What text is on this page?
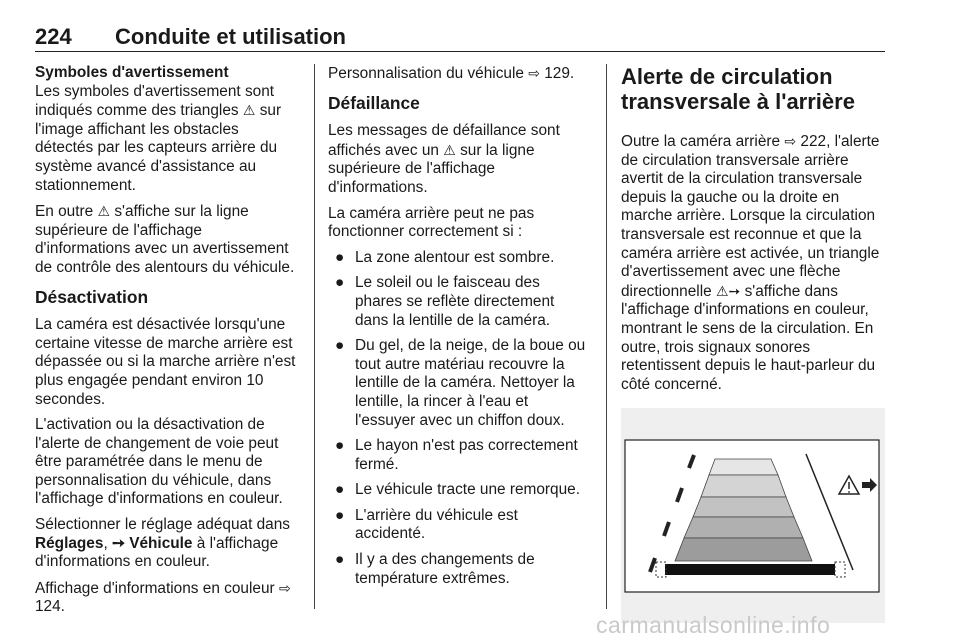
224 Conduite et utilisation
Symboles d'avertissement

Les symboles d'avertissement sont indiqués comme des triangles ⚠ sur l'image affichant les obstacles détectés par les capteurs arrière du système avancé d'assistance au stationnement.

En outre ⚠ s'affiche sur la ligne supérieure de l'affichage d'informations avec un avertissement de contrôle des alentours du véhicule.

Désactivation

La caméra est désactivée lorsqu'une certaine vitesse de marche arrière est dépassée ou si la marche arrière n'est plus engagée pendant environ 10 secondes.

L'activation ou la désactivation de l'alerte de changement de voie peut être paramétrée dans le menu de personnalisation du véhicule, dans l'affichage d'informations en couleur.

Sélectionner le réglage adéquat dans Réglages, ➙ Véhicule à l'affichage d'informations en couleur.

Affichage d'informations en couleur ⇨ 124.

Personnalisation du véhicule ⇨ 129.

Défaillance

Les messages de défaillance sont affichés avec un ⚠ sur la ligne supérieure de l'affichage d'informations.

La caméra arrière peut ne pas fonctionner correctement si :

● La zone alentour est sombre.
● Le soleil ou le faisceau des phares se reflète directement dans la lentille de la caméra.
● Du gel, de la neige, de la boue ou tout autre matériau recouvre la lentille de la caméra. Nettoyer la lentille, la rincer à l'eau et l'essuyer avec un chiffon doux.
● Le hayon n'est pas correctement fermé.
● Le véhicule tracte une remorque.
● L'arrière du véhicule est accidenté.
● Il y a des changements de température extrêmes.
Alerte de circulation transversale à l'arrière

Outre la caméra arrière ⇨ 222, l'alerte de circulation transversale arrière avertit de la circulation transversale depuis la gauche ou la droite en marche arrière. Lorsque la circulation transversale est reconnue et que la caméra arrière est activée, un triangle d'avertissement avec une flèche directionnelle ⚠➙ s'affiche dans l'affichage d'informations en couleur, montrant le sens de la circulation. En outre, trois signaux sonores retentissent depuis le haut-parleur du côté concerné.

carmanualsonline.info
